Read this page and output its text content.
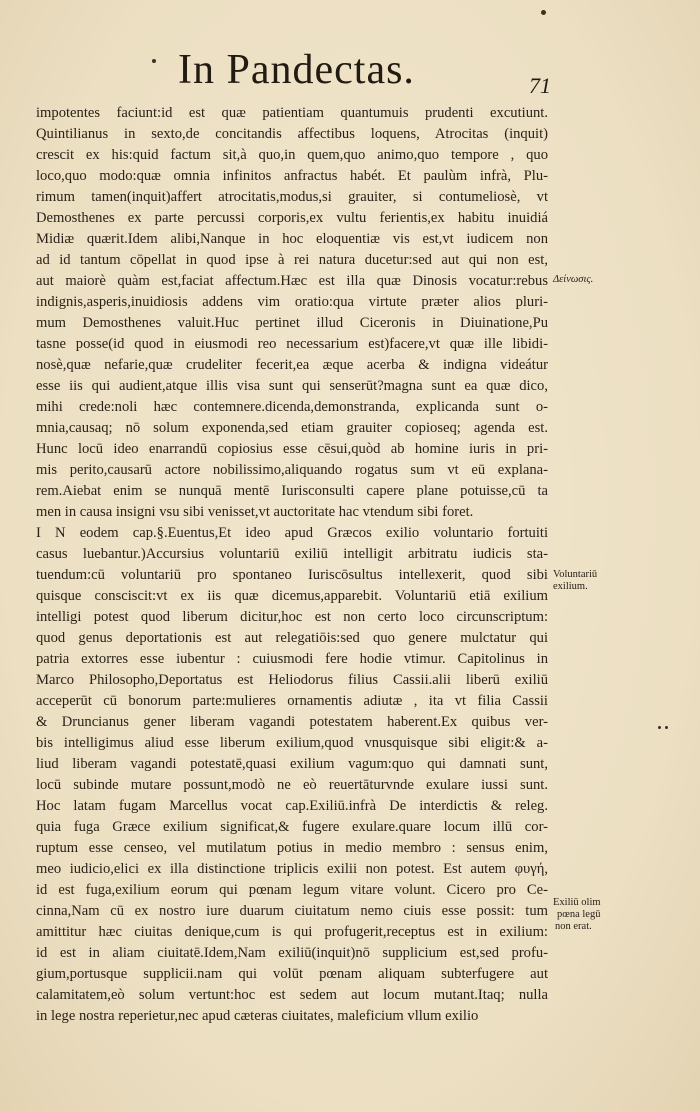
In Pandectas.	71
impotentes faciunt:id est quæ patientiam quantumuis prudenti excutiunt.
Quintilianus in sexto,de concitandis affectibus loquens, Atrocitas (inquit)
crescit ex his:quid factum sit,à quo,in quem,quo animo,quo tempore , quo
loco,quo modo:quæ omnia infinitos anfractus habét. Et paulùm infrà, Plu-
rimum tamen(inquit)affert atrocitatis,modus,si grauiter, si contumeliosè, vt
Demosthenes ex parte percussi corporis,ex vultu ferientis,ex habitu inuidiá
Midiæ quærit.Idem alibi,Nanque in hoc eloquentiæ vis est,vt iudicem non
ad id tantum cōpellat in quod ipse à rei natura ducetur:sed aut qui non est,
aut maiorè quàm est,faciat affectum.Hæc est illa quæ Dinosis vocatur:rebus
indignis,asperis,inuidiosis addens vim oratio:qua virtute præter alios pluri-
mum Demosthenes valuit.Huc pertinet illud Ciceronis in Diuinatione,Pu
tasne posse(id quod in eiusmodi reo necessarium est)facere,vt quæ ille libidi-
nosè,quæ nefarie,quæ crudeliter fecerit,ea æque acerba & indigna videátur
esse iis qui audient,atque illis visa sunt qui senserūt?magna sunt ea quæ dico,
mihi crede:noli hæc contemnere.dicenda,demonstranda, explicanda sunt o-
mnia,causaq; nō solum exponenda,sed etiam grauiter copioseq; agenda est.
Hunc locū ideo enarrandū copiosius esse cēsui,quòd ab homine iuris in pri-
mis perito,causarū actore nobilissimo,aliquando rogatus sum vt eū explana-
rem.Aiebat enim se nunquā mentē Iurisconsulti capere plane potuisse,cū ta
men in causa insigni vsu sibi venisset,vt auctoritate hac vtendum sibi foret.
I N eodem cap.§.Euentus,Et ideo apud Græcos exilio voluntario fortuiti
casus luebantur.)Accursius voluntariū exiliū intelligit arbitratu iudicis sta-
tuendum:cū voluntariū pro spontaneo Iuriscōsultus intellexerit, quod sibi
quisque consciscit:vt ex iis quæ dicemus,apparebit. Voluntariū etiā exilium
intelligi potest quod liberum dicitur,hoc est non certo loco circunscriptum:
quod genus deportationis est aut relegatiōis:sed quo genere mulctatur qui
patria extorres esse iubentur : cuiusmodi fere hodie vtimur. Capitolinus in
Marco Philosopho,Deportatus est Heliodorus filius Cassii.alii liberū exiliū
acceperūt cū bonorum parte:mulieres ornamentis adiutæ , ita vt filia Cassii
& Druncianus gener liberam vagandi potestatem haberent.Ex quibus ver-
bis intelligimus aliud esse liberum exilium,quod vnusquisque sibi eligit:& a-
liud liberam vagandi potestatē,quasi exilium vagum:quo qui damnati sunt,
locū subinde mutare possunt,modò ne eò reuertāturvnde exulare iussi sunt.
Hoc latam fugam Marcellus vocat cap.Exiliū.infrà De interdictis & releg.
quia fuga Græce exilium significat,& fugere exulare.quare locum illū cor-
ruptum esse censeo, vel mutilatum potius in medio membro : sensus enim,
meo iudicio,elici ex illa distinctione triplicis exilii non potest. Est autem φυγή,
id est fuga,exilium eorum qui pœnam legum vitare volunt. Cicero pro Ce-
cinna,Nam cū ex nostro iure duarum ciuitatum nemo ciuis esse possit: tum
amittitur hæc ciuitas denique,cum is qui profugerit,receptus est in exilium:
id est in aliam ciuitatē.Idem,Nam exiliū(inquit)nō supplicium est,sed profu-
gium,portusque supplicii.nam qui volūt pœnam aliquam subterfugere aut
calamitatem,eò solum vertunt:hoc est sedem aut locum mutant.Itaq; nulla
in lege nostra reperietur,nec apud cæteras ciuitates, maleficium vllum exilio
Δείνωσις.
Voluntariū
exilium.
Exiliū olim
pœna legū
non erat.
